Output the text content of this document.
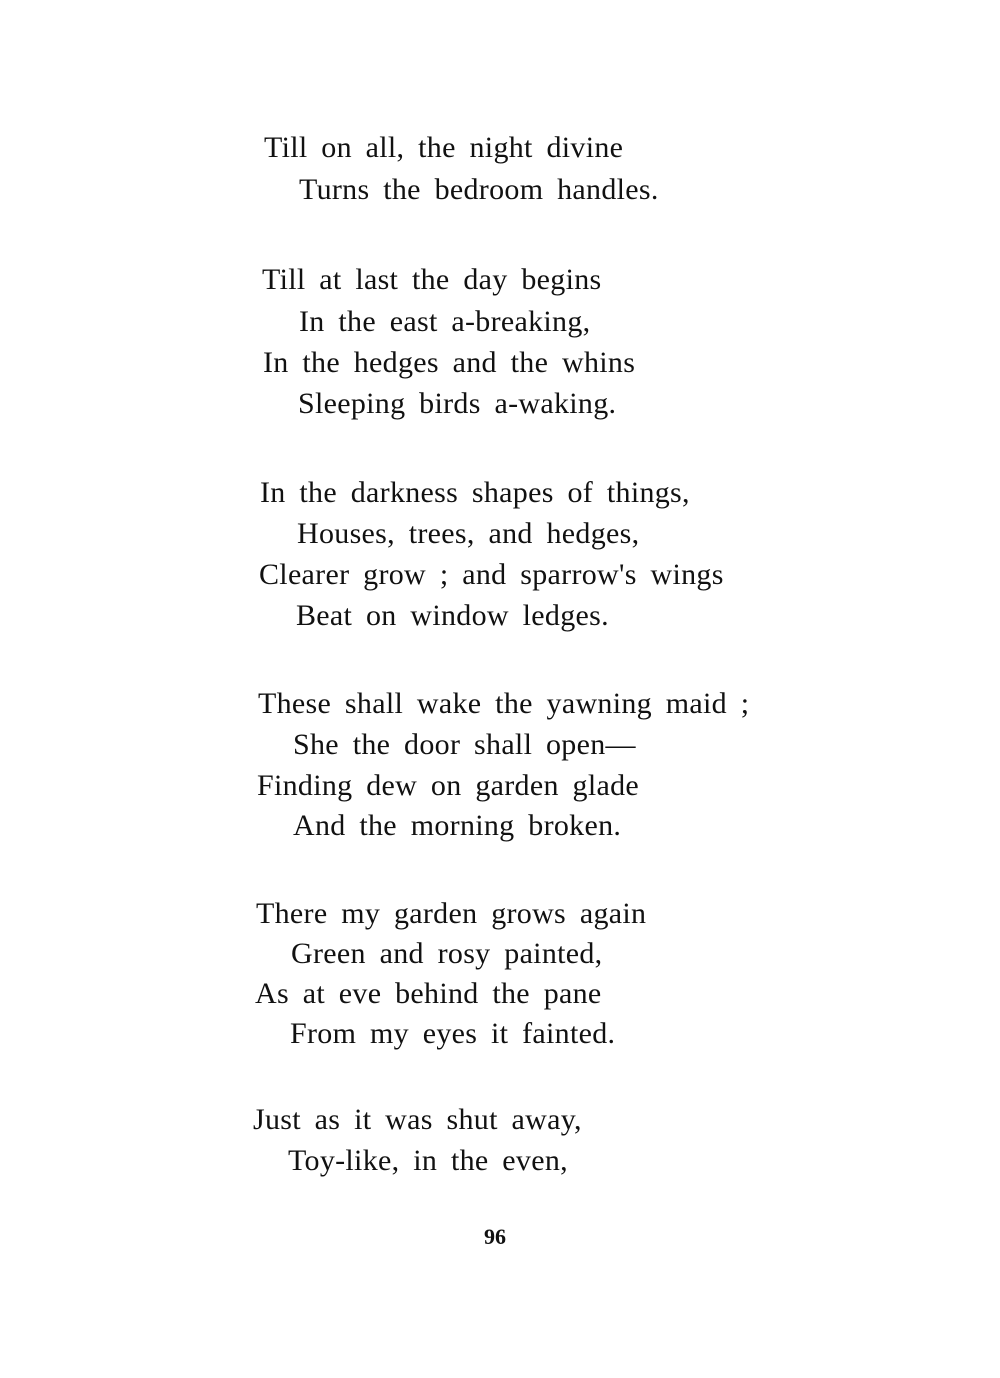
Till on all, the night divine
Turns the bedroom handles.
Till at last the day begins
In the east a-breaking,
In the hedges and the whins
Sleeping birds a-waking.
In the darkness shapes of things,
Houses, trees, and hedges,
Clearer grow ; and sparrow's wings
Beat on window ledges.
These shall wake the yawning maid ;
She the door shall open—
Finding dew on garden glade
And the morning broken.
There my garden grows again
Green and rosy painted,
As at eve behind the pane
From my eyes it fainted.
Just as it was shut away,
Toy-like, in the even,
96
